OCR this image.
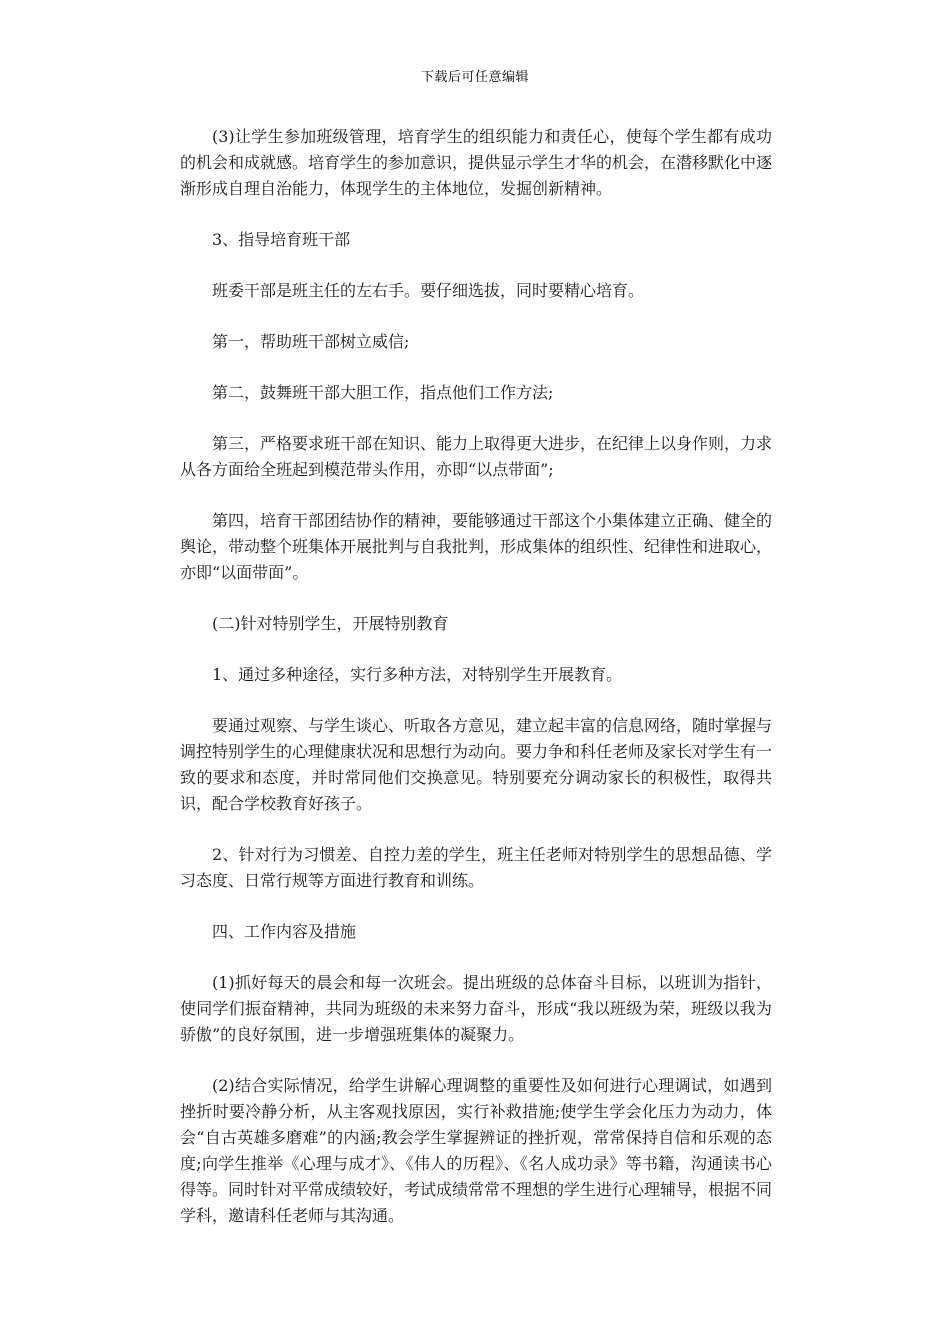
下载后可任意编辑

(3)让学生参加班级管理，培育学生的组织能力和责任心，使每个学生都有成功的机会和成就感。培育学生的参加意识，提供显示学生才华的机会，在潜移默化中逐渐形成自理自治能力，体现学生的主体地位，发掘创新精神。

3、指导培育班干部

班委干部是班主任的左右手。要仔细选拔，同时要精心培育。

第一，帮助班干部树立威信;

第二，鼓舞班干部大胆工作，指点他们工作方法;

第三，严格要求班干部在知识、能力上取得更大进步，在纪律上以身作则，力求从各方面给全班起到模范带头作用，亦即“以点带面”;

第四，培育干部团结协作的精神，要能够通过干部这个小集体建立正确、健全的舆论，带动整个班集体开展批判与自我批判，形成集体的组织性、纪律性和进取心，亦即“以面带面”。

(二)针对特别学生，开展特别教育

1、通过多种途径，实行多种方法，对特别学生开展教育。

要通过观察、与学生谈心、听取各方意见，建立起丰富的信息网络，随时掌握与调控特别学生的心理健康状况和思想行为动向。要力争和科任老师及家长对学生有一致的要求和态度，并时常同他们交换意见。特别要充分调动家长的积极性，取得共识，配合学校教育好孩子。

2、针对行为习惯差、自控力差的学生，班主任老师对特别学生的思想品德、学习态度、日常行规等方面进行教育和训练。

四、工作内容及措施

(1)抓好每天的晨会和每一次班会。提出班级的总体奋斗目标，以班训为指针，使同学们振奋精神，共同为班级的未来努力奋斗，形成“我以班级为荣，班级以我为骄傲”的良好氛围，进一步增强班集体的凝聚力。

(2)结合实际情况，给学生讲解心理调整的重要性及如何进行心理调试，如遇到挫折时要冷静分析，从主客观找原因，实行补救措施;使学生学会化压力为动力，体会“自古英雄多磨难”的内涵;教会学生掌握辨证的挫折观，常常保持自信和乐观的态度;向学生推举《心理与成才》、《伟人的历程》、《名人成功录》等书籍，沟通读书心得等。同时针对平常成绩较好，考试成绩常常不理想的学生进行心理辅导，根据不同学科，邀请科任老师与其沟通。
